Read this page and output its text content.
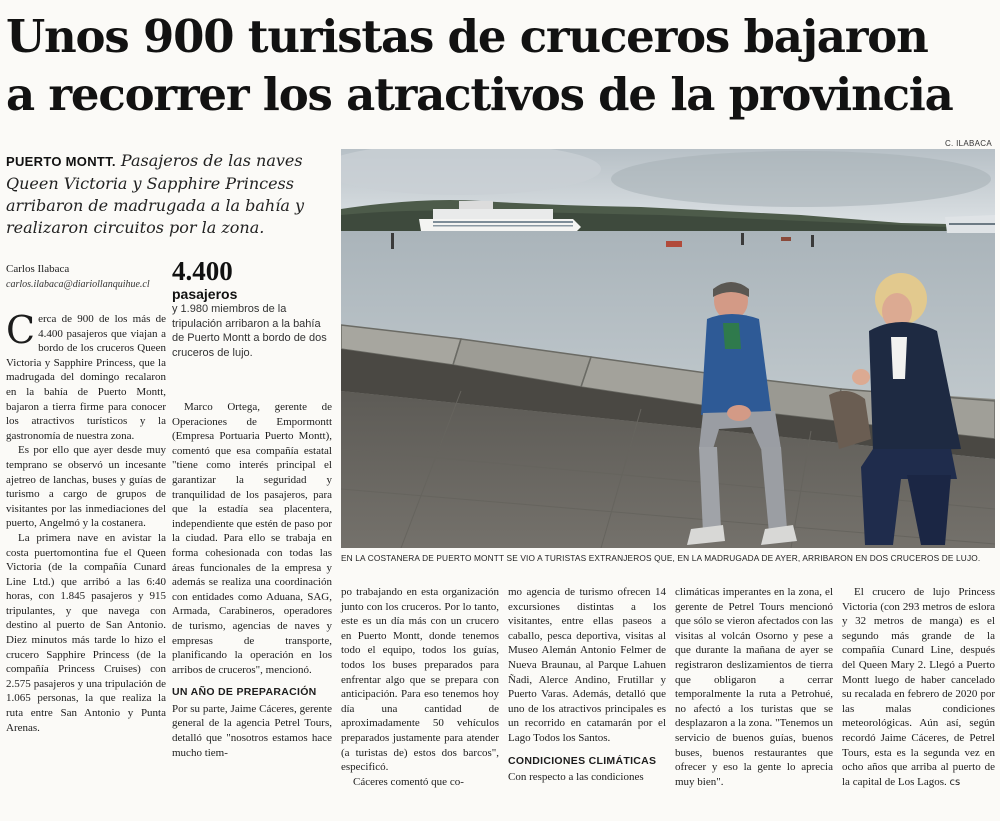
Unos 900 turistas de cruceros bajaron
a recorrer los atractivos de la provincia
C. ILABACA
PUERTO MONTT. Pasajeros de las naves Queen Victoria y Sapphire Princess arribaron de madrugada a la bahía y realizaron circuitos por la zona.
Carlos Ilabaca
carlos.ilabaca@diariollanquihue.cl 4.400
pasajeros
y 1.980 miembros de la tripulación arribaron a la bahía de Puerto Montt a bordo de dos cruceros de lujo.

Cerca de 900 de los más de 4.400 pasajeros que viajan a bordo de los cruceros Queen Victoria y Sapphire Princess, que la madrugada del domingo recalaron en la bahía de Puerto Montt, bajaron a tierra firme para conocer los atractivos turísticos y la gastronomía de nuestra zona.

Es por ello que ayer desde muy temprano se observó un incesante ajetreo de lanchas, buses y guías de turismo a cargo de grupos de visitantes por las inmediaciones del puerto, Angelmó y la costanera.

La primera nave en avistar la costa puertomontina fue el Queen Victoria (de la compañía Cunard Line Ltd.) que arribó a las 6:40 horas, con 1.845 pasajeros y 915 tripulantes, y que navega con destino al puerto de San Antonio. Diez minutos más tarde lo hizo el crucero Sapphire Princess (de la compañía Princess Cruises) con 2.575 pasajeros y una tripulación de 1.065 personas, la que realiza la ruta entre San Antonio y Punta Arenas.

Marco Ortega, gerente de Operaciones de Empormontt (Empresa Portuaria Puerto Montt), comentó que esa compañía estatal "tiene como interés principal el garantizar la seguridad y tranquilidad de los pasajeros, para que la estadía sea placentera, independiente que estén de paso por la ciudad. Para ello se trabaja en forma cohesionada con todas las áreas funcionales de la empresa y además se realiza una coordinación con entidades como Aduana, SAG, Armada, Carabineros, operadores de turismo, agencias de naves y empresas de transporte, planificando la operación en los arribos de cruceros", mencionó.

UN AÑO DE PREPARACIÓN

Por su parte, Jaime Cáceres, gerente general de la agencia Petrel Tours, detalló que "nosotros estamos hace mucho tiem-

EN LA COSTANERA DE PUERTO MONTT SE VIO A TURISTAS EXTRANJEROS QUE, EN LA MADRUGADA DE AYER, ARRIBARON EN DOS CRUCEROS DE LUJO.

po trabajando en esta organización junto con los cruceros. Por lo tanto, este es un día más con un crucero en Puerto Montt, donde tenemos todo el equipo, todos los guías, todos los buses preparados para enfrentar algo que se prepara con anticipación. Para eso tenemos hoy día una cantidad de aproximadamente 50 vehículos preparados justamente para atender (a turistas de) estos dos barcos", especificó.

Cáceres comentó que co-

mo agencia de turismo ofrecen 14 excursiones distintas a los visitantes, entre ellas paseos a caballo, pesca deportiva, visitas al Museo Alemán Antonio Felmer de Nueva Braunau, al Parque Lahuen Ñadi, Alerce Andino, Frutillar y Puerto Varas. Además, detalló que uno de los atractivos principales es un recorrido en catamarán por el Lago Todos los Santos.

CONDICIONES CLIMÁTICAS

Con respecto a las condiciones

climáticas imperantes en la zona, el gerente de Petrel Tours mencionó que sólo se vieron afectados con las visitas al volcán Osorno y pese a que durante la mañana de ayer se registraron deslizamientos de tierra que obligaron a cerrar temporalmente la ruta a Petrohué, no afectó a los turistas que se desplazaron a la zona. "Tenemos un servicio de buenos guías, buenos buses, buenos restaurantes que ofrecer y eso la gente lo aprecia muy bien".

El crucero de lujo Princess Victoria (con 293 metros de eslora y 32 metros de manga) es el segundo más grande de la compañía Cunard Line, después del Queen Mary 2. Llegó a Puerto Montt luego de haber cancelado su recalada en febrero de 2020 por las malas condiciones meteorológicas. Aún así, según recordó Jaime Cáceres, de Petrel Tours, esta es la segunda vez en ocho años que arriba al puerto de la capital de Los Lagos. cs
